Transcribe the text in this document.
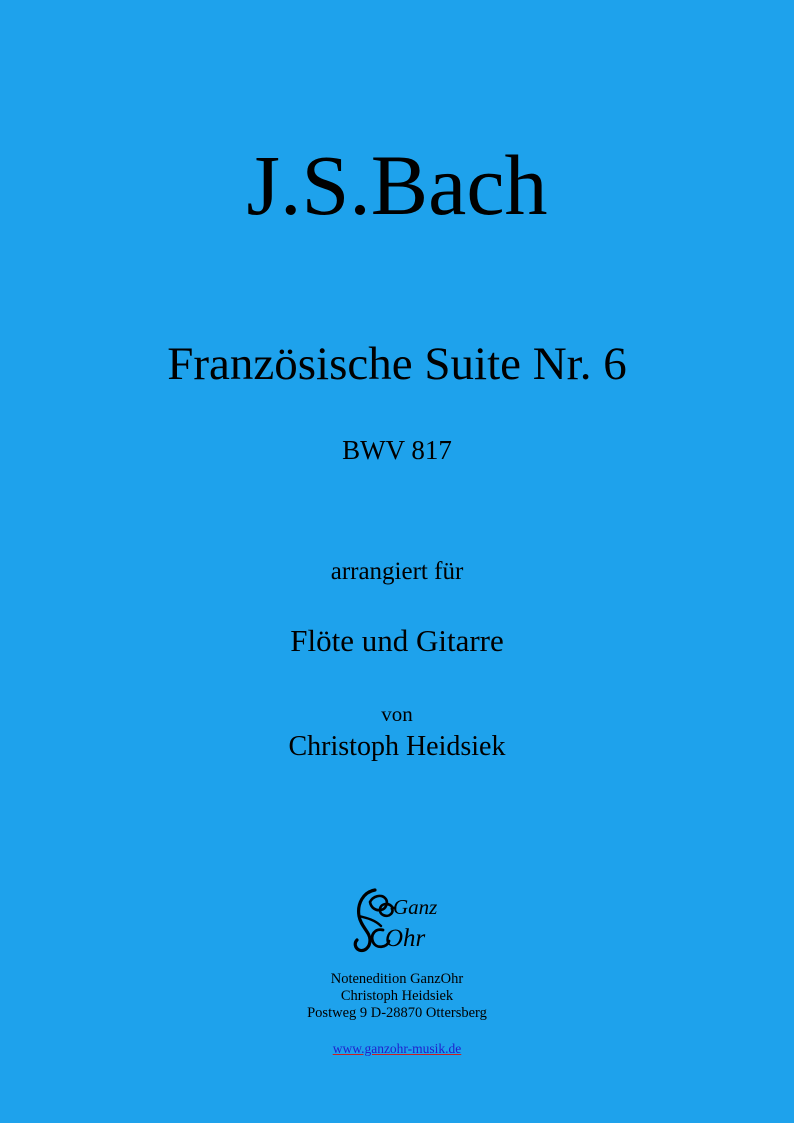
J.S.Bach
Französische Suite Nr. 6
BWV 817
arrangiert für
Flöte und Gitarre
von
Christoph Heidsiek
Ganz
Ohr
Notenedition GanzOhr
Christoph Heidsiek
Postweg 9 D-28870 Ottersberg
www.ganzohr-musik.de
